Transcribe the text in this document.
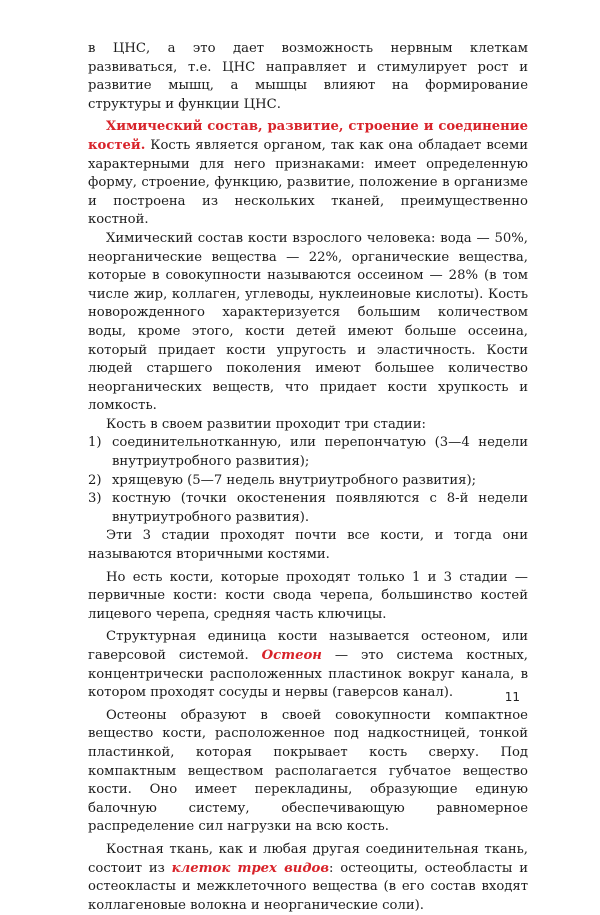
в ЦНС, а это дает возможность нервным клеткам развиваться, т.е. ЦНС направляет и стимулирует рост и развитие мышц, а мышцы влияют на формирование структуры и функции ЦНС.

Химический состав, развитие, строение и соединение костей. Кость является органом, так как она обладает всеми характерными для него признаками: имеет определенную форму, строение, функцию, развитие, положение в организме и построена из нескольких тканей, преимущественно костной.

Химический состав кости взрослого человека: вода — 50%, неорганические вещества — 22%, органические вещества, которые в совокупности называются оссеином — 28% (в том числе жир, коллаген, углеводы, нуклеиновые кислоты). Кость новорожденного характеризуется большим количеством воды, кроме этого, кости детей имеют больше оссеина, который придает кости упругость и эластичность. Кости людей старшего поколения имеют большее количество неорганических веществ, что придает кости хрупкость и ломкость.

Кость в своем развитии проходит три стадии:

1) соединительнотканную, или перепончатую (3—4 недели внутриутробного развития);
2) хрящевую (5—7 недель внутриутробного развития);
3) костную (точки окостенения появляются с 8-й недели внутриутробного развития).

Эти 3 стадии проходят почти все кости, и тогда они называются вторичными костями.

Но есть кости, которые проходят только 1 и 3 стадии — первичные кости: кости свода черепа, большинство костей лицевого черепа, средняя часть ключицы.

Структурная единица кости называется остеоном, или гаверсовой системой. Остеон — это система костных, концентрически расположенных пластинок вокруг канала, в котором проходят сосуды и нервы (гаверсов канал).

Остеоны образуют в своей совокупности компактное вещество кости, расположенное под надкостницей, тонкой пластинкой, которая покрывает кость сверху. Под компактным веществом располагается губчатое вещество кости. Оно имеет перекладины, образующие единую балочную систему, обеспечивающую равномерное распределение сил нагрузки на всю кость.

Костная ткань, как и любая другая соединительная ткань, состоит из клеток трех видов: остеоциты, остеобласты и остеокласты и межклеточного вещества (в его состав входят коллагеновые волокна и неорганические соли).

11
